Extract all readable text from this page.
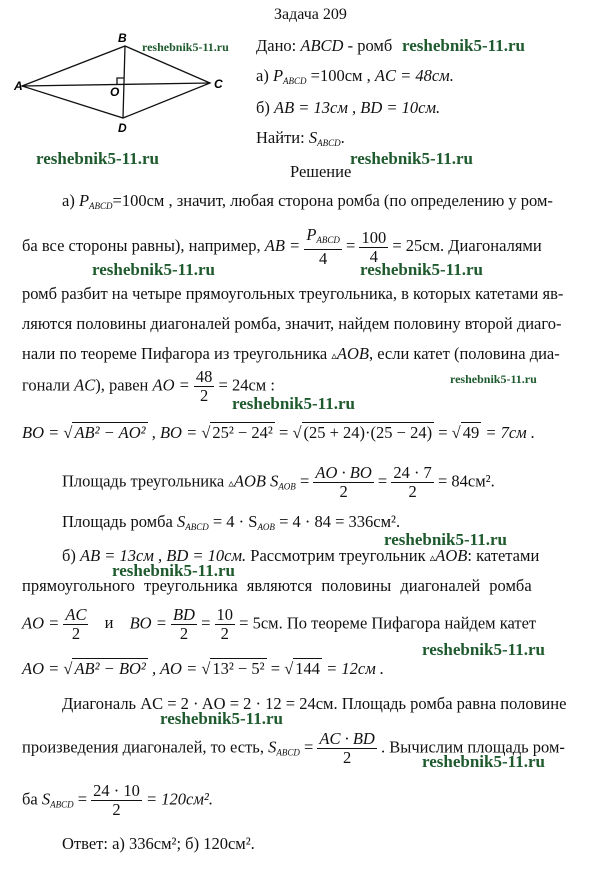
Задача 209
A
B
C
D
O
Дано: ABCD - ромб
а) $P_{ABCD} =100см$ , AC = 48см.
б) AB = 13см , BD = 10см.
Найти: $S_{ABCD}$.
Решение
а) $P_{ABCD}=100см$ , значит, любая сторона ромба (по определению у ром-
ба все стороны равны), например, AB = $\frac{P_{ABCD}}{4} = \frac{100}{4} = 25см$. Диагоналями
ромб разбит на четыре прямоугольных треугольника, в которых катетами яв-
ляются половины диагоналей ромба, значит, найдем половину второй диаго-
нали по теореме Пифагора из треугольника ▵AOB, если катет (половина диа-
гонали AC), равен AO = $\frac{48}{2} = 24см$ :
BO = √ AB² − AO² , BO = √ 25² − 24² = √ (25 + 24)·(25 − 24) = √ 49 = 7см .
Площадь треугольника ▵AOB $S_{AOB} = \frac{AO \cdot BO}{2} = \frac{24 \cdot 7}{2} = 84см^2$.
Площадь ромба $S_{ABCD} = 4 \cdot S_{AOB} = 4 \cdot 84 = 336см^2$.
б) AB = 13см , BD = 10см. Рассмотрим треугольник ▵AOB: катетами
прямоугольного треугольника являются половины диагоналей ромба
AO = $\frac{AC}{2}$ и BO = $\frac{BD}{2} = \frac{10}{2} = 5см$. По теореме Пифагора найдем катет
AO = √ AB² − BO² , AO = √ 13² − 5² = √ 144 = 12см .
Диагональ AC = 2 · AO = 2 · 12 = 24см. Площадь ромба равна половине
произведения диагоналей, то есть, $S_{ABCD} = \frac{AC \cdot BD}{2}$ . Вычислим площадь ром-
ба $S_{ABCD} = \frac{24 \cdot 10}{2} = 120см^2$.
Ответ: а) 336см²; б) 120см².
reshebnik5-11.ru	reshebnik5-11.ru
reshebnik5-11.ru	reshebnik5-11.ru
reshebnik5-11.ru	reshebnik5-11.ru
reshebnik5-11.ru
reshebnik5-11.ru
reshebnik5-11.ru
reshebnik5-11.ru
reshebnik5-11.ru
reshebnik5-11.ru
reshebnik5-11.ru
